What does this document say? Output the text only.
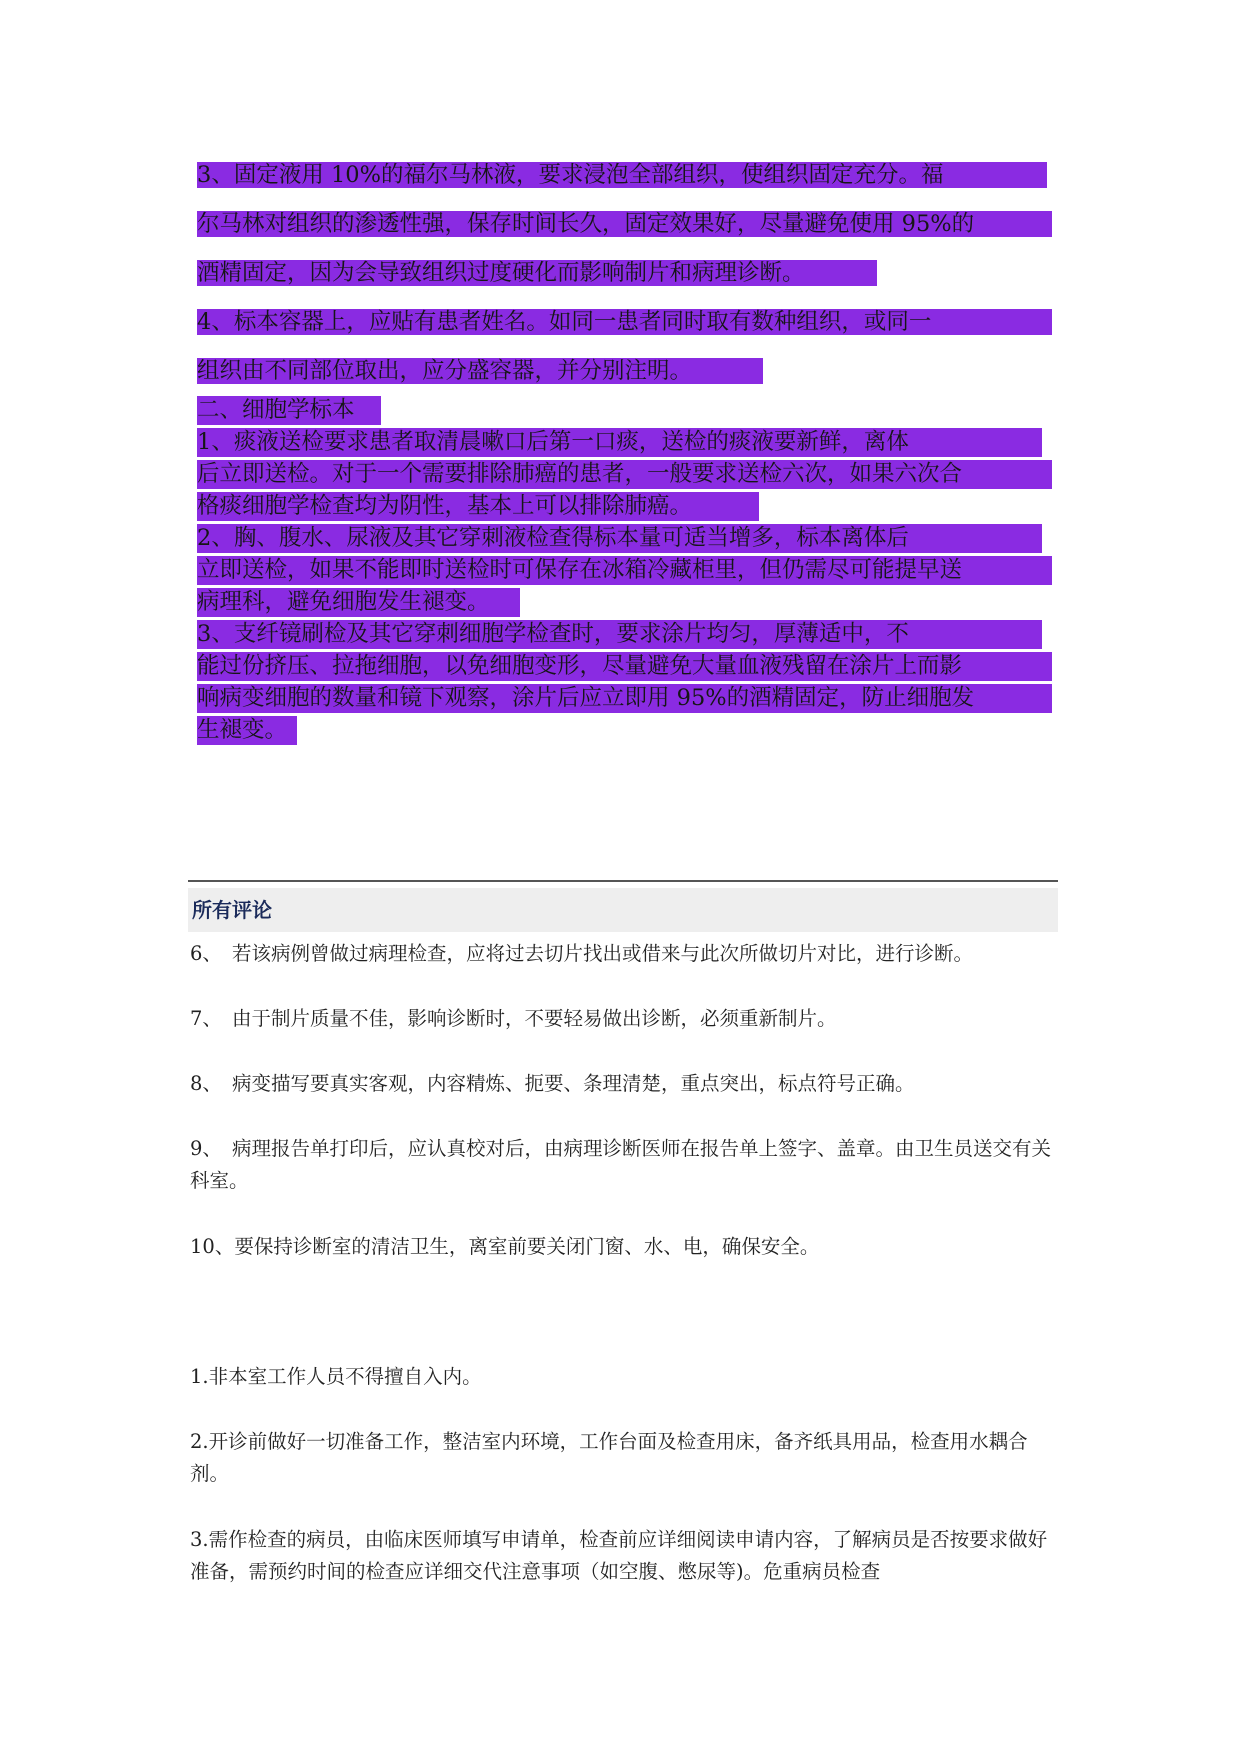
3、固定液用 10%的福尔马林液，要求浸泡全部组织，使组织固定充分。福
尔马林对组织的渗透性强，保存时间长久，固定效果好，尽量避免使用 95%的
酒精固定，因为会导致组织过度硬化而影响制片和病理诊断。
4、标本容器上，应贴有患者姓名。如同一患者同时取有数种组织，或同一
组织由不同部位取出，应分盛容器，并分别注明。
二、细胞学标本
1、痰液送检要求患者取清晨嗽口后第一口痰，送检的痰液要新鲜，离体
后立即送检。对于一个需要排除肺癌的患者，一般要求送检六次，如果六次合
格痰细胞学检查均为阴性，基本上可以排除肺癌。
2、胸、腹水、尿液及其它穿刺液检查得标本量可适当增多，标本离体后
立即送检，如果不能即时送检时可保存在冰箱冷藏柜里，但仍需尽可能提早送
病理科，避免细胞发生褪变。
3、支纤镜刷检及其它穿刺细胞学检查时，要求涂片均匀，厚薄适中，不
能过份挤压、拉拖细胞，以免细胞变形，尽量避免大量血液残留在涂片上而影
响病变细胞的数量和镜下观察，涂片后应立即用 95%的酒精固定，防止细胞发
生褪变。
所有评论
6、 若该病例曾做过病理检查，应将过去切片找出或借来与此次所做切片对比，进行诊断。
7、 由于制片质量不佳，影响诊断时，不要轻易做出诊断，必须重新制片。
8、 病变描写要真实客观，内容精炼、扼要、条理清楚，重点突出，标点符号正确。
9、 病理报告单打印后，应认真校对后，由病理诊断医师在报告单上签字、盖章。由卫生员送交有关科室。
10、要保持诊断室的清洁卫生，离室前要关闭门窗、水、电，确保安全。
1.非本室工作人员不得擅自入内。
2.开诊前做好一切准备工作，整洁室内环境，工作台面及检查用床，备齐纸具用品，检查用水耦合剂。
3.需作检查的病员，由临床医师填写申请单，检查前应详细阅读申请内容，了解病员是否按要求做好准备，需预约时间的检查应详细交代注意事项（如空腹、憋尿等)。危重病员检查
